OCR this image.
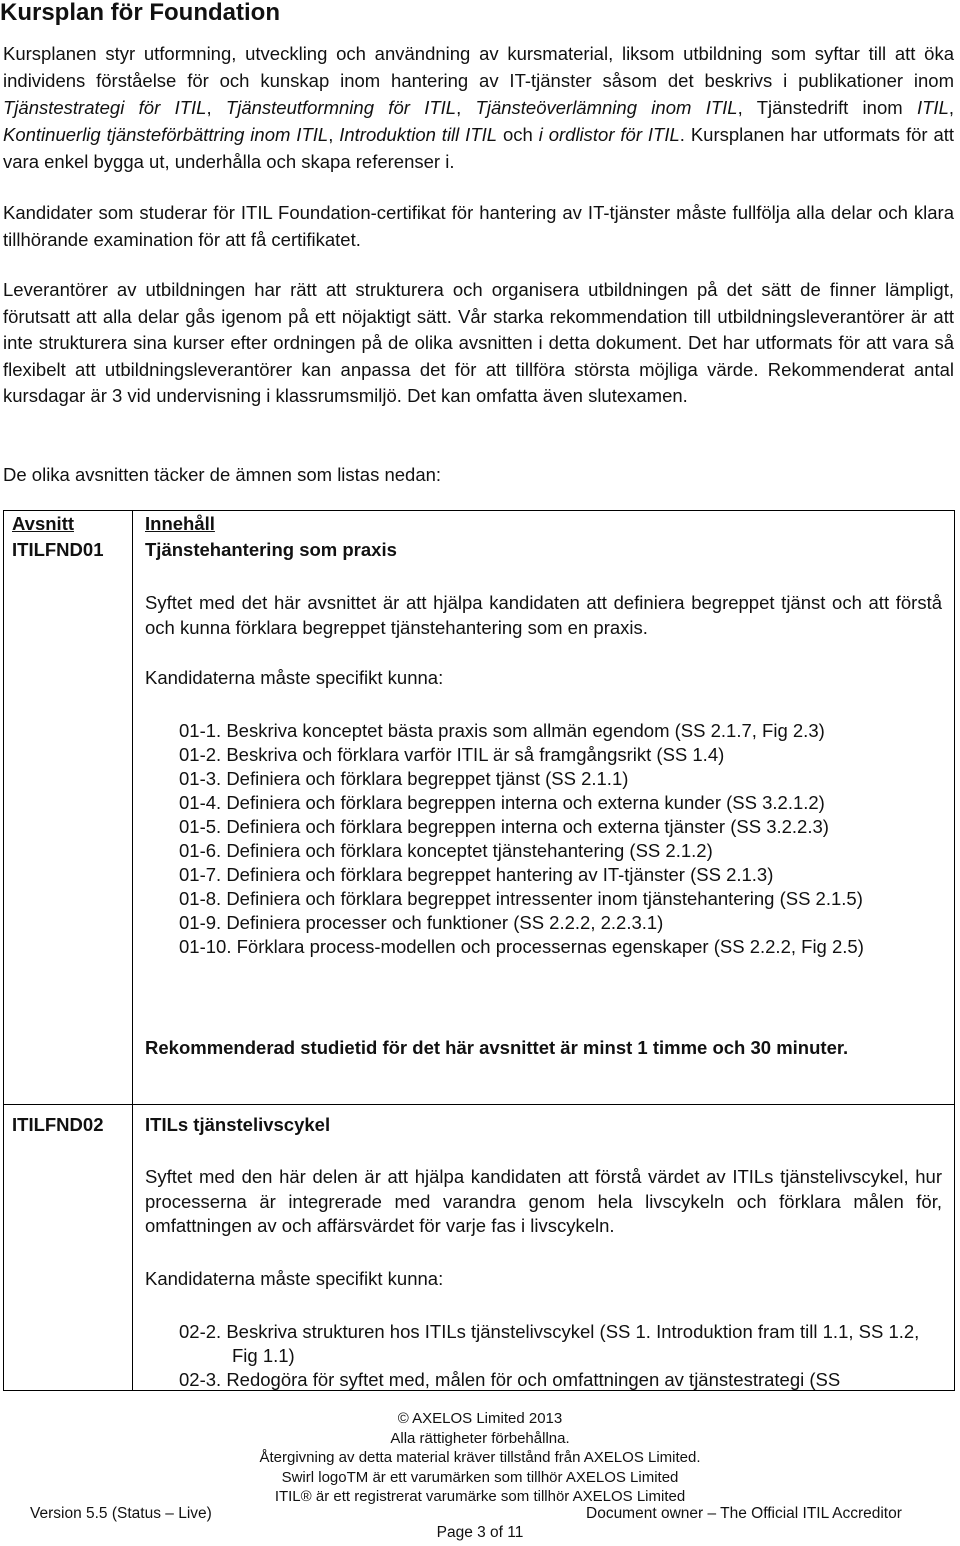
Kursplan för Foundation

Kursplanen styr utformning, utveckling och användning av kursmaterial, liksom utbildning som syftar till att öka individens förståelse för och kunskap inom hantering av IT-tjänster såsom det beskrivs i publikationer inom Tjänstestrategi för ITIL, Tjänsteutformning för ITIL, Tjänsteöverlämning inom ITIL, Tjänstedrift inom ITIL, Kontinuerlig tjänsteförbättring inom ITIL, Introduktion till ITIL och i ordlistor för ITIL. Kursplanen har utformats för att vara enkel bygga ut, underhålla och skapa referenser i.

Kandidater som studerar för ITIL Foundation-certifikat för hantering av IT-tjänster måste fullfölja alla delar och klara tillhörande examination för att få certifikatet.

Leverantörer av utbildningen har rätt att strukturera och organisera utbildningen på det sätt de finner lämpligt, förutsatt att alla delar gås igenom på ett nöjaktigt sätt. Vår starka rekommendation till utbildningsleverantörer är att inte strukturera sina kurser efter ordningen på de olika avsnitten i detta dokument. Det har utformats för att vara så flexibelt att utbildningsleverantörer kan anpassa det för att tillföra största möjliga värde. Rekommenderat antal kursdagar är 3 vid undervisning i klassrumsmiljö. Det kan omfatta även slutexamen.

De olika avsnitten täcker de ämnen som listas nedan:

Avsnitt	Innehåll
ITILFND01 Tjänstehantering som praxis

Syftet med det här avsnittet är att hjälpa kandidaten att definiera begreppet tjänst och att förstå och kunna förklara begreppet tjänstehantering som en praxis.

Kandidaterna måste specifikt kunna:
01-1. Beskriva konceptet bästa praxis som allmän egendom (SS 2.1.7, Fig 2.3)
01-2. Beskriva och förklara varför ITIL är så framgångsrikt (SS 1.4)
01-3. Definiera och förklara begreppet tjänst (SS 2.1.1)
01-4. Definiera och förklara begreppen interna och externa kunder (SS 3.2.1.2)
01-5. Definiera och förklara begreppen interna och externa tjänster (SS 3.2.2.3)
01-6. Definiera och förklara konceptet tjänstehantering (SS 2.1.2)
01-7. Definiera och förklara begreppet hantering av IT-tjänster (SS 2.1.3)
01-8. Definiera och förklara begreppet intressenter inom tjänstehantering (SS 2.1.5)
01-9. Definiera processer och funktioner (SS 2.2.2, 2.2.3.1)
01-10. Förklara process-modellen och processernas egenskaper (SS 2.2.2, Fig 2.5)
Rekommenderad studietid för det här avsnittet är minst 1 timme och 30 minuter.
ITILFND02 ITILs tjänstelivscykel

Syftet med den här delen är att hjälpa kandidaten att förstå värdet av ITILs tjänstelivscykel, hur processerna är integrerade med varandra genom hela livscykeln och förklara målen för, omfattningen av och affärsvärdet för varje fas i livscykeln.

Kandidaterna måste specifikt kunna:
02-2. Beskriva strukturen hos ITILs tjänstelivscykel (SS 1. Introduktion fram till 1.1, SS 1.2, Fig 1.1)
02-3. Redogöra för syftet med, målen för och omfattningen av tjänstestrategi (SS
© AXELOS Limited 2013
Alla rättigheter förbehållna.
Återgivning av detta material kräver tillstånd från AXELOS Limited.
Swirl logoTM är ett varumärken som tillhör AXELOS Limited
ITIL® är ett registrerat varumärke som tillhör AXELOS Limited
Version 5.5 (Status – Live)	Document owner – The Official ITIL Accreditor
Page 3 of 11
